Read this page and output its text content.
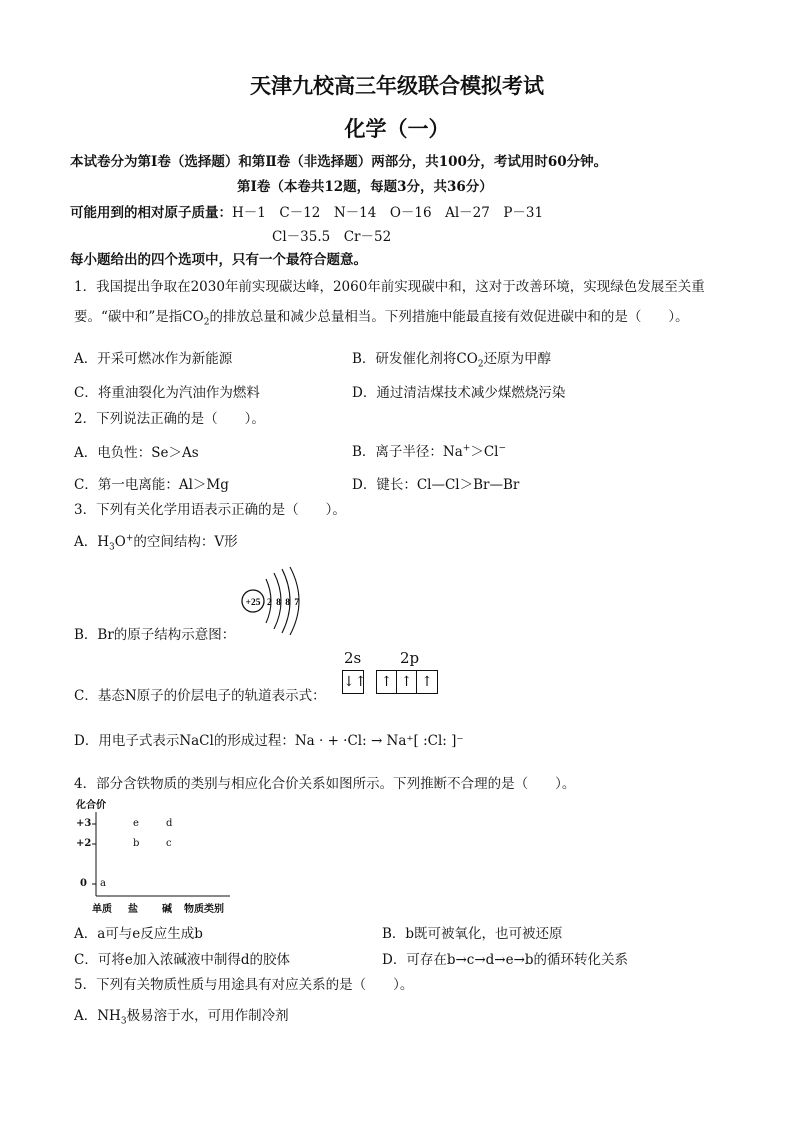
天津九校高三年级联合模拟考试
化学（一）
本试卷分为第Ⅰ卷（选择题）和第Ⅱ卷（非选择题）两部分，共100分，考试用时60分钟。
第Ⅰ卷（本卷共12题，每题3分，共36分）
可能用到的相对原子质量：H－1　C－12　N－14　O－16　Al－27　P－31
Cl－35.5　Cr－52
每小题给出的四个选项中，只有一个最符合题意。
1．我国提出争取在2030年前实现碳达峰，2060年前实现碳中和，这对于改善环境，实现绿色发展至关重
要。“碳中和”是指$CO_2$的排放总量和减少总量相当。下列措施中能最直接有效促进碳中和的是（　　）。
A．开采可燃冰作为新能源	B．研发催化剂将$CO_2$还原为甲醇
C．将重油裂化为汽油作为燃料	D．通过清洁煤技术减少煤燃烧污染
2．下列说法正确的是（　　）。
A．电负性：Se＞As	B．离子半径：Na+＞Cl−
C．第一电离能：Al＞Mg	D．键长：Cl—Cl＞Br—Br
3．下列有关化学用语表示正确的是（　　）。
A．$H_3O^+$的空间结构：V形
+25 2 8 8 7
B．Br的原子结构示意图：
2s	2p
↓↑ ↑ ↑ ↑
C．基态N原子的价层电子的轨道表示式：
D．用电子式表示NaCl的形成过程：Na · + ·Cl: → Na⁺[ :Cl: ]⁻
4．部分含铁物质的类别与相应化合价关系如图所示。下列推断不合理的是（　　）。
化合价
+3
+2
0
单质 盐 碱 物质类别
a
b
e
c
d
A．a可与e反应生成b	B．b既可被氧化，也可被还原
C．可将e加入浓碱液中制得d的胶体	D．可存在b→c→d→e→b的循环转化关系
5．下列有关物质性质与用途具有对应关系的是（　　）。
A．$NH_3$极易溶于水，可用作制冷剂
